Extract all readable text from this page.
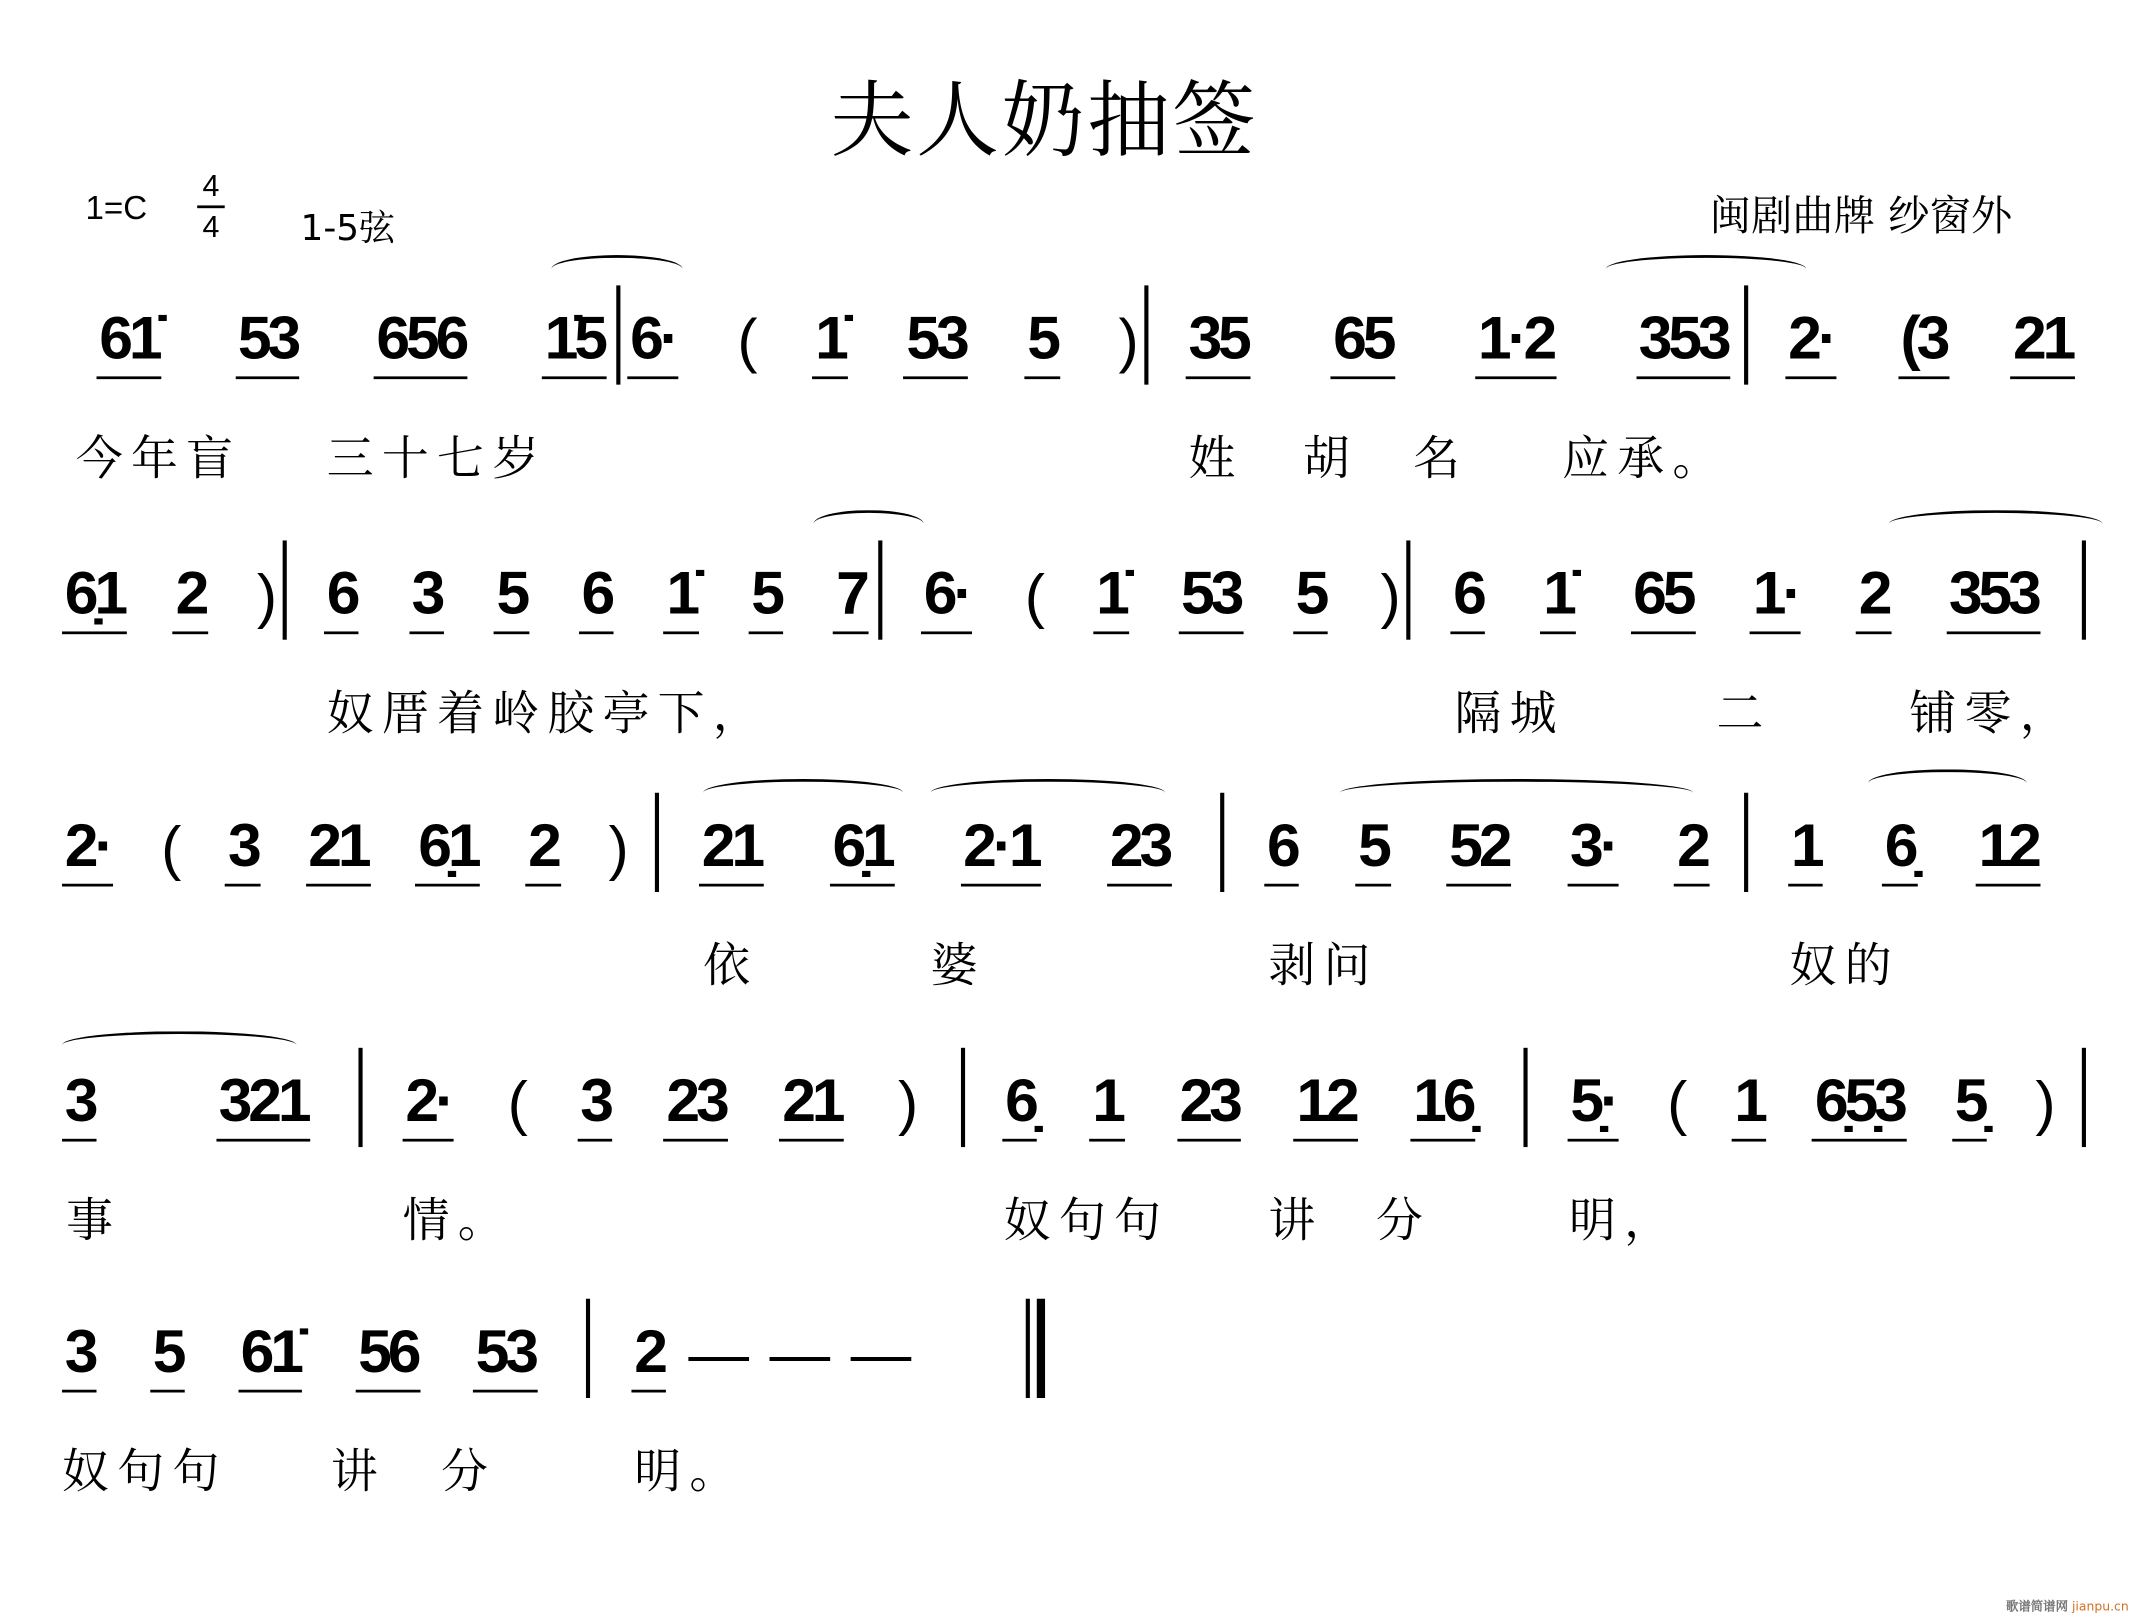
夫人奶抽签
1=C
4
4	1-5弦	闽剧曲牌 纱窗外
61̇ 53 656 1̇5 6· ( 1̇ 53 5 ) 35 65 1·2 353 2· (3 21
今年盲	三十七岁	姓 胡 名	应承。
6̣1 2 ) 6 3 5 6 1̇ 5 7 6· ( 1̇ 53 5 ) 6 1̇ 65 1· 2 353
奴厝着岭胶亭下，	隔城	二	铺零，
2· ( 3 21 6̣1 2 ) 21 6̣1 2·1 23 6 5 52 3· 2 1 6̣ 12
依	婆	剥问	奴的
3	321 2· ( 3 23 21 ) 6̣ 1 23 12 16̣ 5̣· ( 1 6̣5̣3 5̣ )
事	情。	奴句句	讲 分	明，
3 5 61̇ 56 53 2 — — —
奴句句	讲 分	明。
歌谱简谱网 jianpu.cn
